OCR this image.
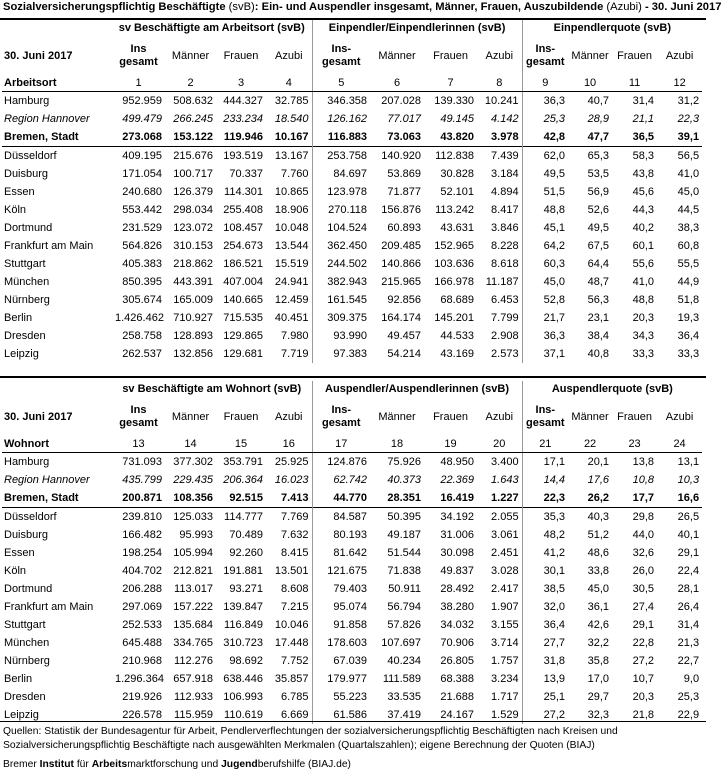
Sozialversicherungspflichtig Beschäftigte (svB): Ein- und Auspendler insgesamt, Männer, Frauen, Auszubildende (Azubi) - 30. Juni 2017
	sv Beschäftigte am Arbeitsort (svB)				Einpendler/Einpendlerinnen (svB)				Einpendlerquote (svB)			
30. Juni 2017	Ins
gesamt	Männer	Frauen	Azubi	Ins-
gesamt	Männer	Frauen	Azubi	Ins-
gesamt	Männer	Frauen	Azubi
Arbeitsort	1	2	3	4	5	6	7	8	9	10	11	12
Hamburg	952.959	508.632	444.327	32.785	346.358	207.028	139.330	10.241	36,3	40,7	31,4	31,2
Region Hannover	499.479	266.245	233.234	18.540	126.162	77.017	49.145	4.142	25,3	28,9	21,1	22,3
Bremen, Stadt	273.068	153.122	119.946	10.167	116.883	73.063	43.820	3.978	42,8	47,7	36,5	39,1
Düsseldorf	409.195	215.676	193.519	13.167	253.758	140.920	112.838	7.439	62,0	65,3	58,3	56,5
Duisburg	171.054	100.717	70.337	7.760	84.697	53.869	30.828	3.184	49,5	53,5	43,8	41,0
Essen	240.680	126.379	114.301	10.865	123.978	71.877	52.101	4.894	51,5	56,9	45,6	45,0
Köln	553.442	298.034	255.408	18.906	270.118	156.876	113.242	8.417	48,8	52,6	44,3	44,5
Dortmund	231.529	123.072	108.457	10.048	104.524	60.893	43.631	3.846	45,1	49,5	40,2	38,3
Frankfurt am Main	564.826	310.153	254.673	13.544	362.450	209.485	152.965	8.228	64,2	67,5	60,1	60,8
Stuttgart	405.383	218.862	186.521	15.519	244.502	140.866	103.636	8.618	60,3	64,4	55,6	55,5
München	850.395	443.391	407.004	24.941	382.943	215.965	166.978	11.187	45,0	48,7	41,0	44,9
Nürnberg	305.674	165.009	140.665	12.459	161.545	92.856	68.689	6.453	52,8	56,3	48,8	51,8
Berlin	1.426.462	710.927	715.535	40.451	309.375	164.174	145.201	7.799	21,7	23,1	20,3	19,3
Dresden	258.758	128.893	129.865	7.980	93.990	49.457	44.533	2.908	36,3	38,4	34,3	36,4
Leipzig	262.537	132.856	129.681	7.719	97.383	54.214	43.169	2.573	37,1	40,8	33,3	33,3
	sv Beschäftigte am Wohnort (svB)				Auspendler/Auspendlerinnen (svB)				Auspendlerquote (svB)			
30. Juni 2017	Ins
gesamt	Männer	Frauen	Azubi	Ins-
gesamt	Männer	Frauen	Azubi	Ins-
gesamt	Männer	Frauen	Azubi
Wohnort	13	14	15	16	17	18	19	20	21	22	23	24
Hamburg	731.093	377.302	353.791	25.925	124.876	75.926	48.950	3.400	17,1	20,1	13,8	13,1
Region Hannover	435.799	229.435	206.364	16.023	62.742	40.373	22.369	1.643	14,4	17,6	10,8	10,3
Bremen, Stadt	200.871	108.356	92.515	7.413	44.770	28.351	16.419	1.227	22,3	26,2	17,7	16,6
Düsseldorf	239.810	125.033	114.777	7.769	84.587	50.395	34.192	2.055	35,3	40,3	29,8	26,5
Duisburg	166.482	95.993	70.489	7.632	80.193	49.187	31.006	3.061	48,2	51,2	44,0	40,1
Essen	198.254	105.994	92.260	8.415	81.642	51.544	30.098	2.451	41,2	48,6	32,6	29,1
Köln	404.702	212.821	191.881	13.501	121.675	71.838	49.837	3.028	30,1	33,8	26,0	22,4
Dortmund	206.288	113.017	93.271	8.608	79.403	50.911	28.492	2.417	38,5	45,0	30,5	28,1
Frankfurt am Main	297.069	157.222	139.847	7.215	95.074	56.794	38.280	1.907	32,0	36,1	27,4	26,4
Stuttgart	252.533	135.684	116.849	10.046	91.858	57.826	34.032	3.155	36,4	42,6	29,1	31,4
München	645.488	334.765	310.723	17.448	178.603	107.697	70.906	3.714	27,7	32,2	22,8	21,3
Nürnberg	210.968	112.276	98.692	7.752	67.039	40.234	26.805	1.757	31,8	35,8	27,2	22,7
Berlin	1.296.364	657.918	638.446	35.857	179.977	111.589	68.388	3.234	13,9	17,0	10,7	9,0
Dresden	219.926	112.933	106.993	6.785	55.223	33.535	21.688	1.717	25,1	29,7	20,3	25,3
Leipzig	226.578	115.959	110.619	6.669	61.586	37.419	24.167	1.529	27,2	32,3	21,8	22,9
Quellen: Statistik der Bundesagentur für Arbeit, Pendlerverflechtungen der sozialversicherungspflichtig Beschäftigten nach Kreisen und
Sozialversicherungspflichtig Beschäftigte nach ausgewählten Merkmalen (Quartalszahlen); eigene Berechnung der Quoten (BIAJ)
Bremer Institut für Arbeitsmarktforschung und Jugendberufshilfe (BIAJ.de)
